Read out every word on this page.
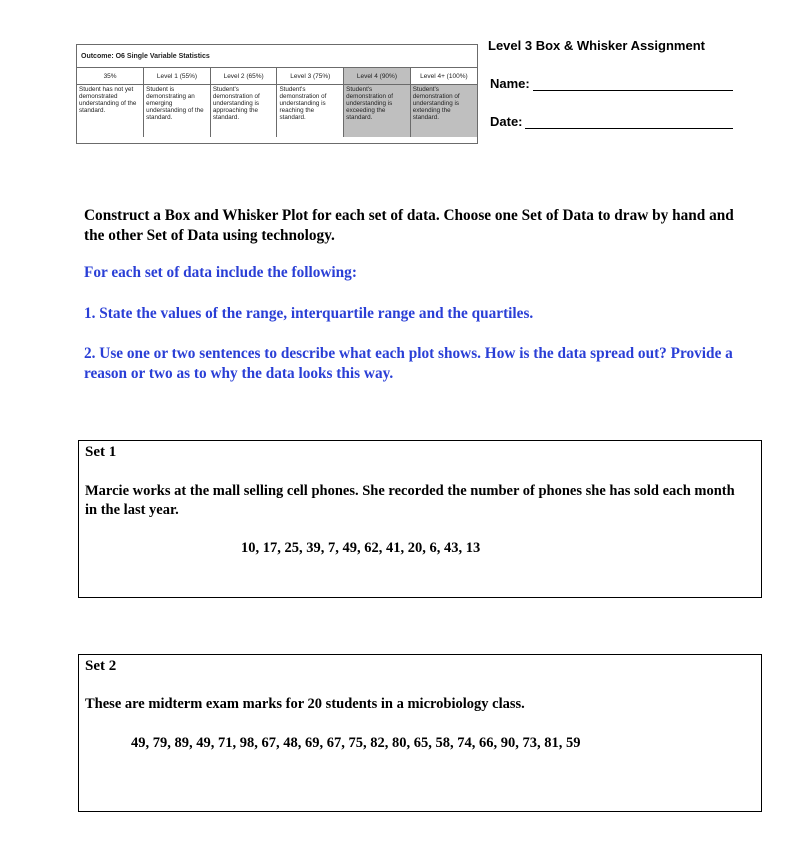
Outcome: O6 Single Variable Statistics
35%	Level 1 (55%)	Level 2 (65%)	Level 3 (75%)	Level 4 (90%)	Level 4+ (100%)
Student has not yet demonstrated understanding of the standard.	Student is demonstrating an emerging understanding of the standard.	Student's demonstration of understanding is approaching the standard.	Student's demonstration of understanding is reaching the standard.	Student's demonstration of understanding is exceeding the standard.	Student's demonstration of understanding is extending the standard.
Level 3 Box & Whisker Assignment
Name:
Date:
Construct a Box and Whisker Plot for each set of data. Choose one Set of Data to draw by hand and the other Set of Data using technology.
For each set of data include the following:
1. State the values of the range, interquartile range and the quartiles.
2. Use one or two sentences to describe what each plot shows. How is the data spread out? Provide a reason or two as to why the data looks this way.
Set 1
Marcie works at the mall selling cell phones. She recorded the number of phones she has sold each month in the last year.
10, 17, 25, 39, 7, 49, 62, 41, 20, 6, 43, 13
Set 2
These are midterm exam marks for 20 students in a microbiology class.
49, 79, 89, 49, 71, 98, 67, 48, 69, 67, 75, 82, 80, 65, 58, 74, 66, 90, 73, 81, 59
